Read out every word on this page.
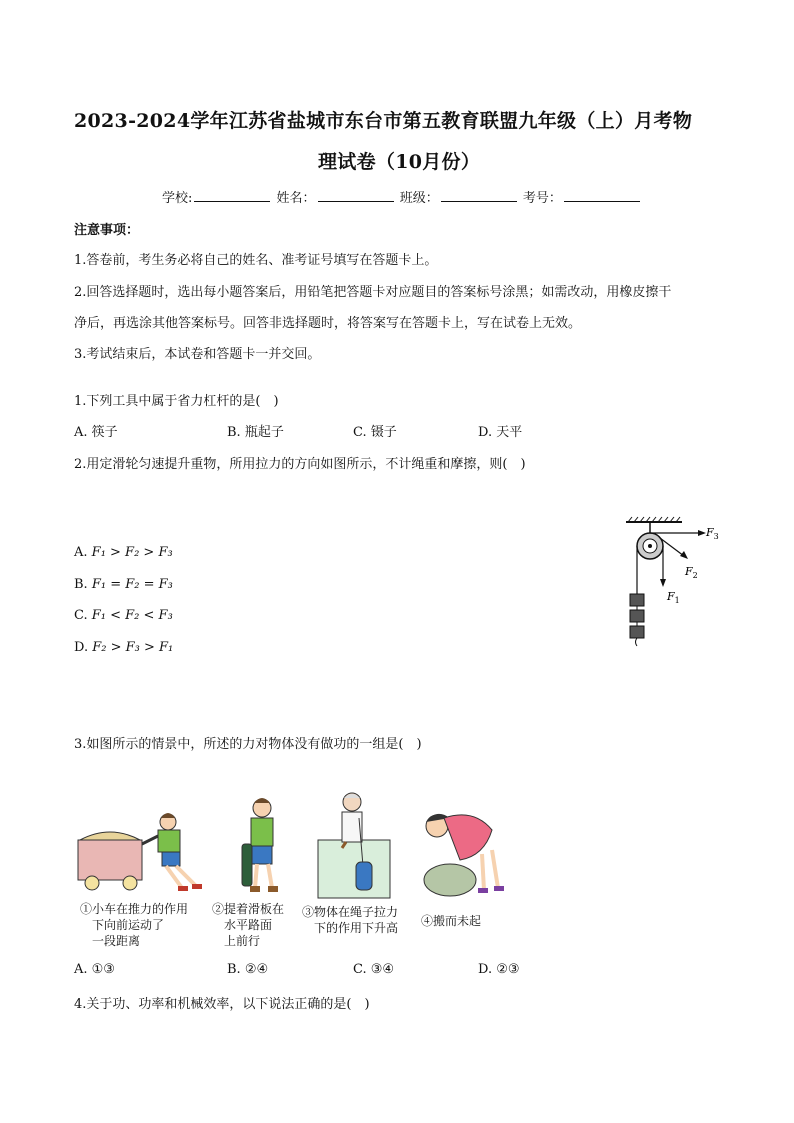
2023-2024学年江苏省盐城市东台市第五教育联盟九年级（上）月考物
理试卷（10月份）
学校:	姓名：	班级：	考号：
注意事项：
1.答卷前，考生务必将自己的姓名、准考证号填写在答题卡上。
2.回答选择题时，选出每小题答案后，用铅笔把答题卡对应题目的答案标号涂黑；如需改动，用橡皮擦干
净后，再选涂其他答案标号。回答非选择题时，将答案写在答题卡上，写在试卷上无效。
3.考试结束后，本试卷和答题卡一并交回。
1.下列工具中属于省力杠杆的是(　)
A. 筷子	B. 瓶起子	C. 镊子	D. 天平
2.用定滑轮匀速提升重物，所用拉力的方向如图所示，不计绳重和摩擦，则(　)
A. F₁ > F₂ > F₃
B. F₁ = F₂ = F₃
C. F₁ < F₂ < F₃
D. F₂ > F₃ > F₁
$F_3$
$F_2$
$F_1$
3.如图所示的情景中，所述的力对物体没有做功的一组是(　)
①小车在推力的作用
　下向前运动了
　一段距离
②提着滑板在
　水平路面
　上前行
③物体在绳子拉力
　下的作用下升高 ④搬而未起
A. ①③	B. ②④	C. ③④	D. ②③
4.关于功、功率和机械效率，以下说法正确的是(　)
